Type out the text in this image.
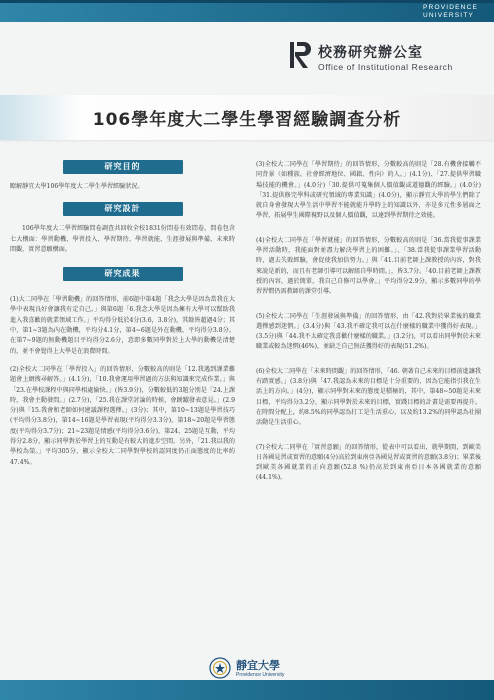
PROVIDENCE
UNIVERSITY
校務研究辦公室
Office of Institutional Research
106學年度大二學生學習經驗調查分析
研究目的

瞭解靜宜大學106學年度大二學生學習經驗狀況。

研究設計

106學年度大二學習經驗問卷調查共回收全校1831份問卷有效問卷，問卷包含七大構面：學習動機、學習投入、學習期待、學習就能、生涯發展與準備、未來時間觀、實習意願構面。

研究成果

(1)大二同學在「學習動機」的回答情形，前6題中第4題「我念大學是因為當我在大學中表現良好會讓我有定自己。」與第6題「6.我念大學是因為擁有大學可以幫助我進入我喜歡的就業領域工作。」平均得分低於4分(3.6，3.8分)，其餘皆超過4分；其中，第1~3題為內在動機，平均分4.1分，第4~6題是外在動機，平均得分3.8分。在第7~9題的無動機題目平均得分2.6分，意即多數同學對於上大學的動機是清楚的，並不會覺得上大學是在浪費時間。

(2)全校大二同學在「學習投入」的回答情形，分數較高的則是「12.我遇到課業難題會上網搜尋解答。」(4.1分)，「10.我會運用學習過的方法與知識來完成作業。」與「23.在學校課程中與同學相處愉快。」(皆3.9分)，分數較低的3題分別是「24.上課時，我會主動發問。」(2.7分)，「25.我在課堂討論的時候，會踴躍發表意見。」(2.9分)與「15.我會和老師如何建議課程選擇。」(3分)；其中，第10~13題是學習技巧(平均得分3.8分)，第14~16題是學習表現(平均得分3.3分)，第18~20題是學習態度(平均得分3.7分)；21~23題是情感(平均得分3.6分)，第24、25題是互動，平均得分2.8分，顯示同學對於學習上的互動是有較大的進步空間。另外，「21.我以我的學校為榮。」平均305分，顯示全校大二同學對學校的認同度仍正面態度的比率約47.4%。

(3)全校大二同學在「學習期待」的回答情形，分數較高的則是「28.有機會接觸不同背景（如種族、社會經濟地位、國籍、性向）的人。」(4.1分)、「27.提供學習職場技能的機會。」(4.0分)「30.提供可蒐集個人價值觀或道德觀的經驗。」(4.0分)「31.提供修完學科或研究領域的專業知識」(4.0分)，顯示靜宜大學的學生們除了就自身會發現大學生活中學習不能就能升學時上的知識以外，亦是多元性多層面之學習，拓展學生國際視野以及個人價值觀，以達到學習期待之效能。

(4)全校大二同學在「學習就能」的回答情形，分數較高的則是「36.當我從事課業學習活動時，我能面對並盡力解決學習上的困難。」、「38.當我從事課業學習活動時，過去失敗經驗，會促使我加倍努力。」與「41.目前老師上課教授的內容，對我來說是新的，而且有老師引導可以解組自學時間。」，皆3.7分。「40.目前老師上課教授的內容，過於簡單，我自己自修可以學會。」平均得分2.9分，顯示多數同學的學習習慣仍需教師的課堂引導。

(5)全校大二同學在「生涯發展與準備」的回答情形，由「42.我對於畢業後的職業選擇感到迷惘。」(3.4分)與「43.我不確定我可以在什麼樣的職業中獲得好表現。」(3.5分)與「44.我不太確定我喜歡什麼樣的職業。」(3.2分)，可以看出同學對於未來職業或較為迷惘(46%)，並缺乏自己無法獲得好的表現(51.2%)。

(6)全校大二同學在「未來時間觀」的回答情形，「46. 朝著自己未來的目標前進讓我有踏實感。」(3.8分)與「47.我認為未來的目標是十分重要的，因為它能指引我在生活上的方向。」(4分)，顯示同學對未來的態度是積極的，其中，第48~50題是未來目標，平均得分3.2分，顯示同學對於未來的目標，實踐目標的計畫是需要再提升。在時間分配上，約8.5%的同學認為打工是生活重心，以及約13.2%的同學認為社團活動是生活重心。

(7)全校大二同學在「實習意願」的回答情形，從表中可以看出，就學期間，到歐美日各國見習或實習的意願(4分)高於到東南亞各國見習或實習的意願(3.8分)；畢業後到歐美各國就業的正向意願(52.8 %)仍高於到東南亞日本各國就業的意願(44.1%)。

靜宜大學
Providence University
